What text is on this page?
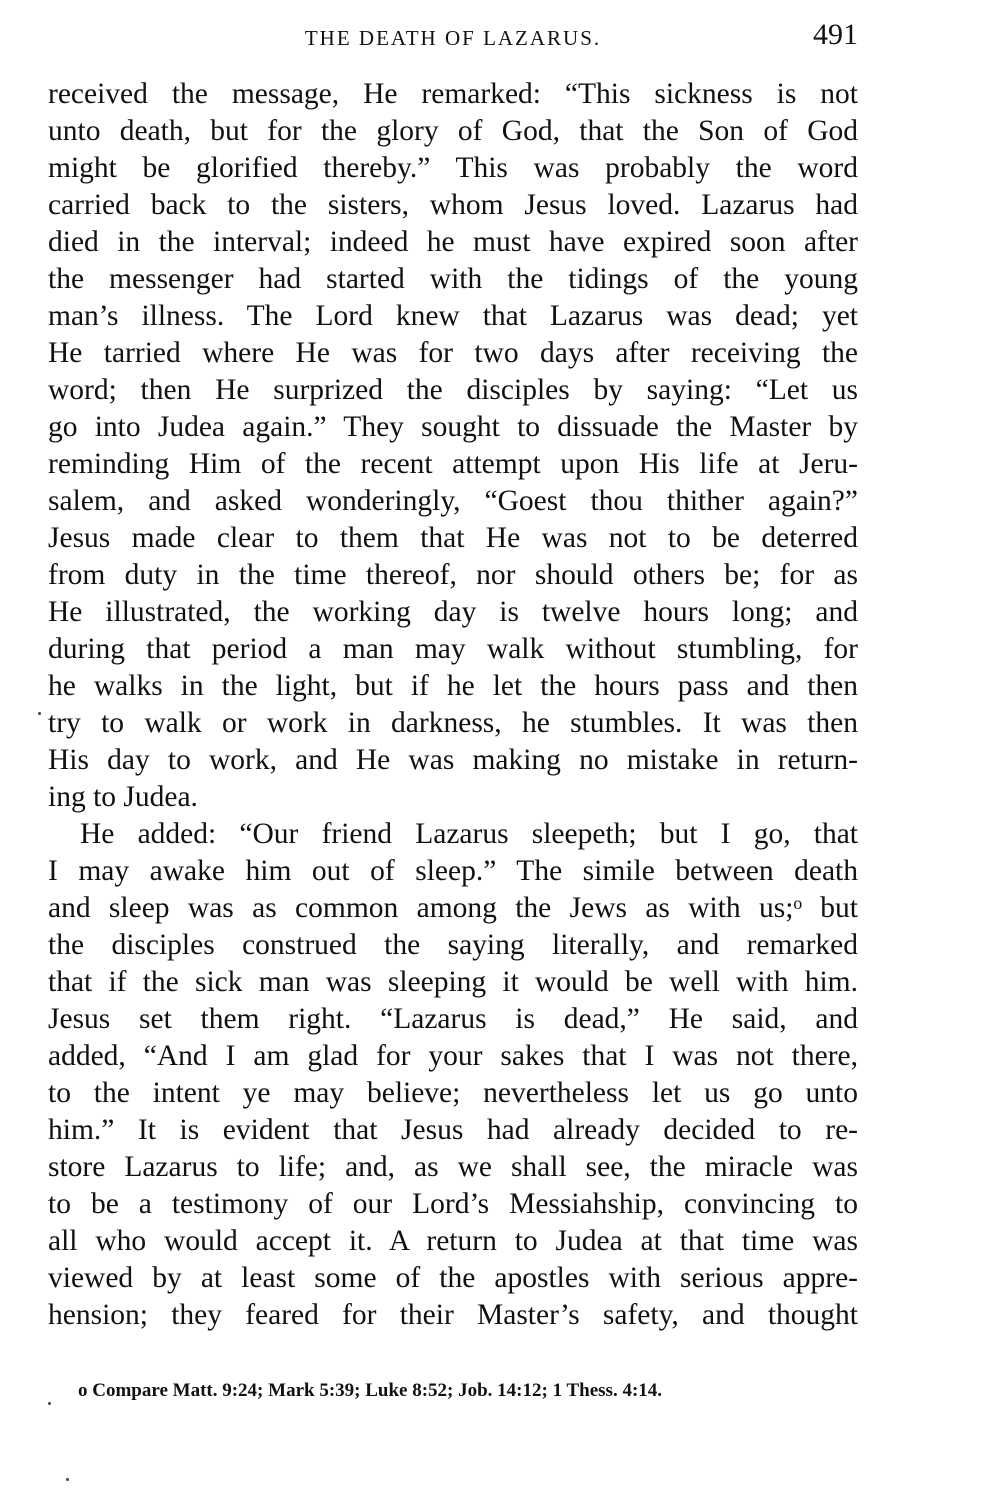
THE DEATH OF LAZARUS.	491
received the message, He remarked: “This sickness is not
unto death, but for the glory of God, that the Son of God
might be glorified thereby.” This was probably the word
carried back to the sisters, whom Jesus loved. Lazarus had
died in the interval; indeed he must have expired soon after
the messenger had started with the tidings of the young
man’s illness. The Lord knew that Lazarus was dead; yet
He tarried where He was for two days after receiving the
word; then He surprized the disciples by saying: “Let us
go into Judea again.” They sought to dissuade the Master by
reminding Him of the recent attempt upon His life at Jeru-
salem, and asked wonderingly, “Goest thou thither again?”
Jesus made clear to them that He was not to be deterred
from duty in the time thereof, nor should others be; for as
He illustrated, the working day is twelve hours long; and
during that period a man may walk without stumbling, for
he walks in the light, but if he let the hours pass and then
try to walk or work in darkness, he stumbles. It was then
His day to work, and He was making no mistake in return-
ing to Judea.
He added: “Our friend Lazarus sleepeth; but I go, that
I may awake him out of sleep.” The simile between death
and sleep was as common among the Jews as with us;ᵒ but
the disciples construed the saying literally, and remarked
that if the sick man was sleeping it would be well with him.
Jesus set them right. “Lazarus is dead,” He said, and
added, “And I am glad for your sakes that I was not there,
to the intent ye may believe; nevertheless let us go unto
him.” It is evident that Jesus had already decided to re-
store Lazarus to life; and, as we shall see, the miracle was
to be a testimony of our Lord’s Messiahship, convincing to
all who would accept it. A return to Judea at that time was
viewed by at least some of the apostles with serious appre-
hension; they feared for their Master’s safety, and thought
o Compare Matt. 9:24; Mark 5:39; Luke 8:52; Job. 14:12; 1 Thess. 4:14.
